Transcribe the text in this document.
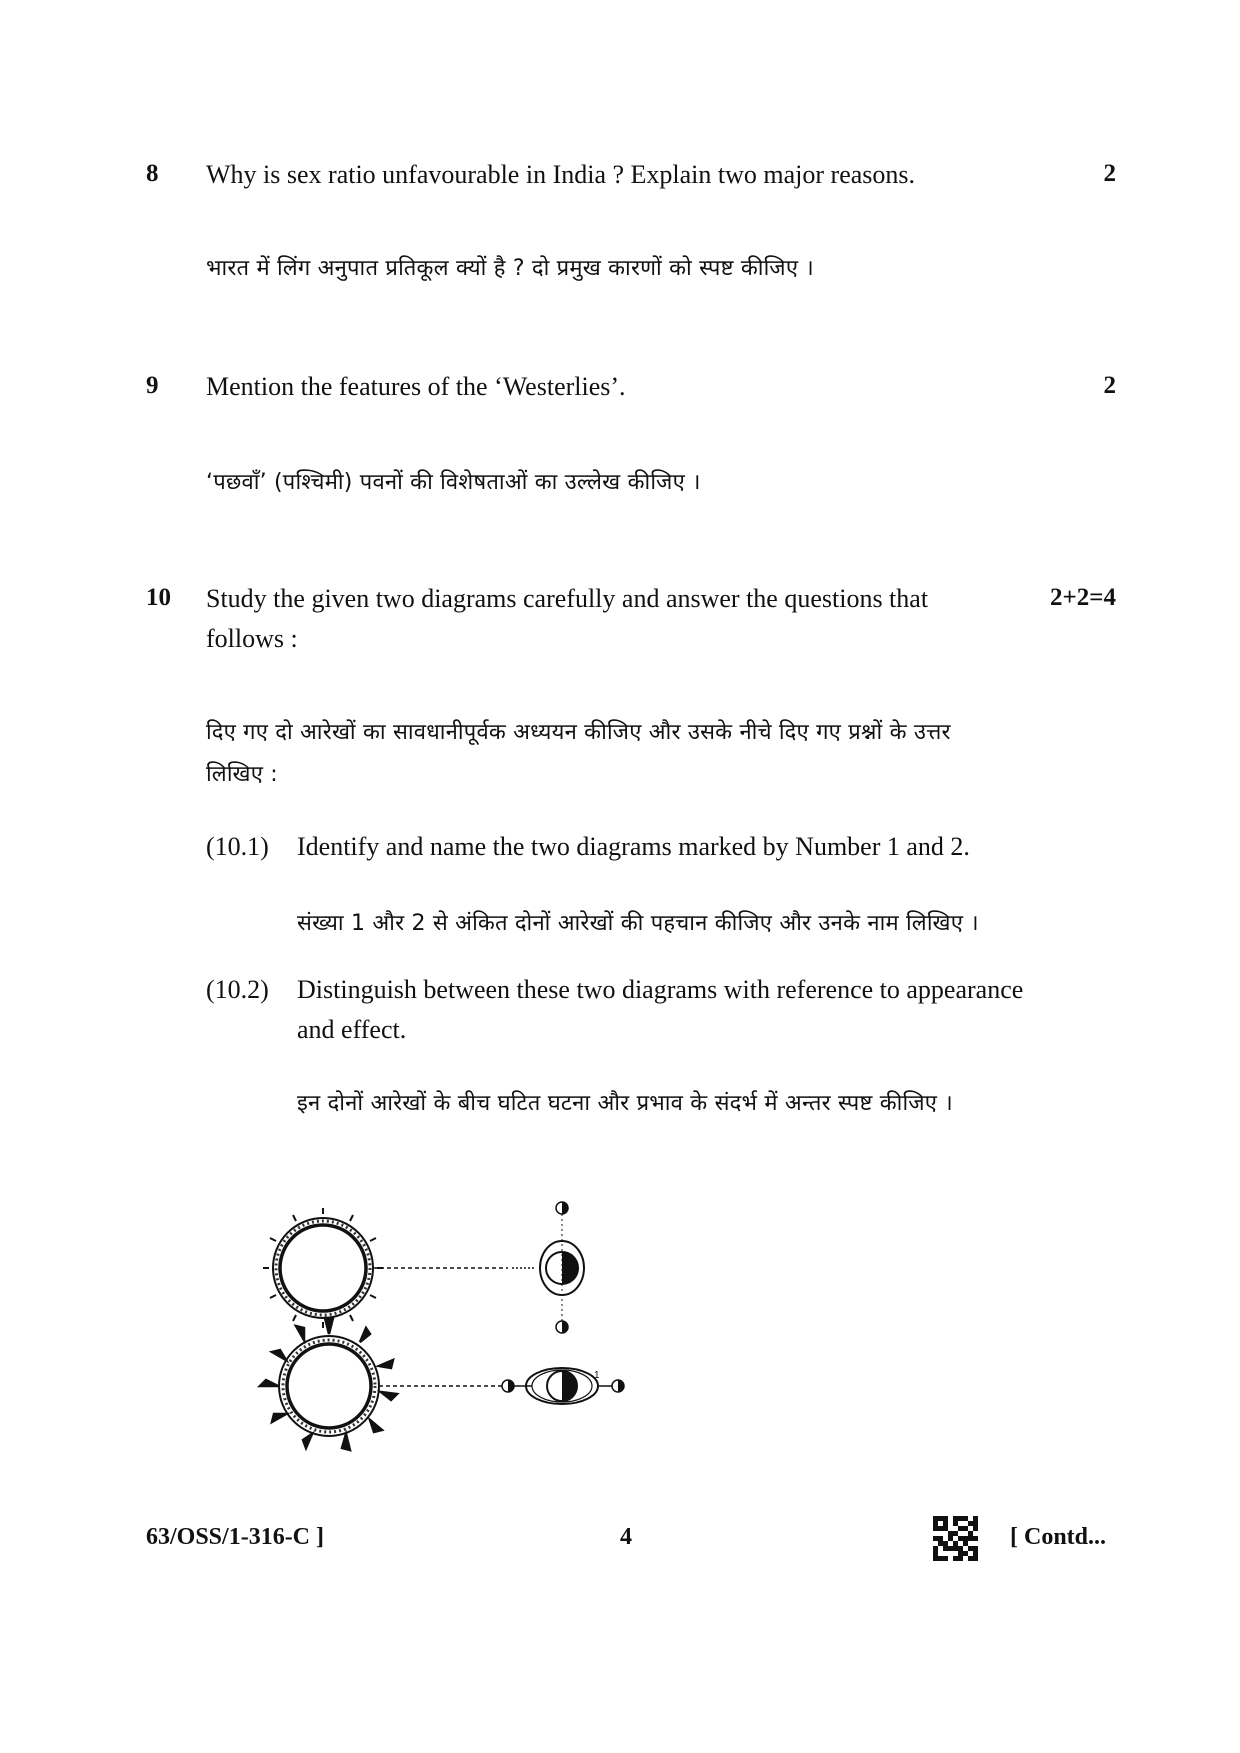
8 Why is sex ratio unfavourable in India ? Explain two major reasons.	2
भारत में लिंग अनुपात प्रतिकूल क्यों है ? दो प्रमुख कारणों को स्पष्ट कीजिए ।
9 Mention the features of the ‘Westerlies’.	2
‘पछवाँ’ (पश्चिमी) पवनों की विशेषताओं का उल्लेख कीजिए ।
10 Study the given two diagrams carefully and answer the questions that
follows :
2+2=4
दिए गए दो आरेखों का सावधानीपूर्वक अध्ययन कीजिए और उसके नीचे दिए गए प्रश्नों के उत्तर
लिखिए :
(10.1) Identify and name the two diagrams marked by Number 1 and 2.
संख्या 1 और 2 से अंकित दोनों आरेखों की पहचान कीजिए और उनके नाम लिखिए ।
(10.2) Distinguish between these two diagrams with reference to appearance
and effect.
इन दोनों आरेखों के बीच घटित घटना और प्रभाव के संदर्भ में अन्तर स्पष्ट कीजिए ।
1
63/OSS/1-316-C ]	4	[ Contd...
